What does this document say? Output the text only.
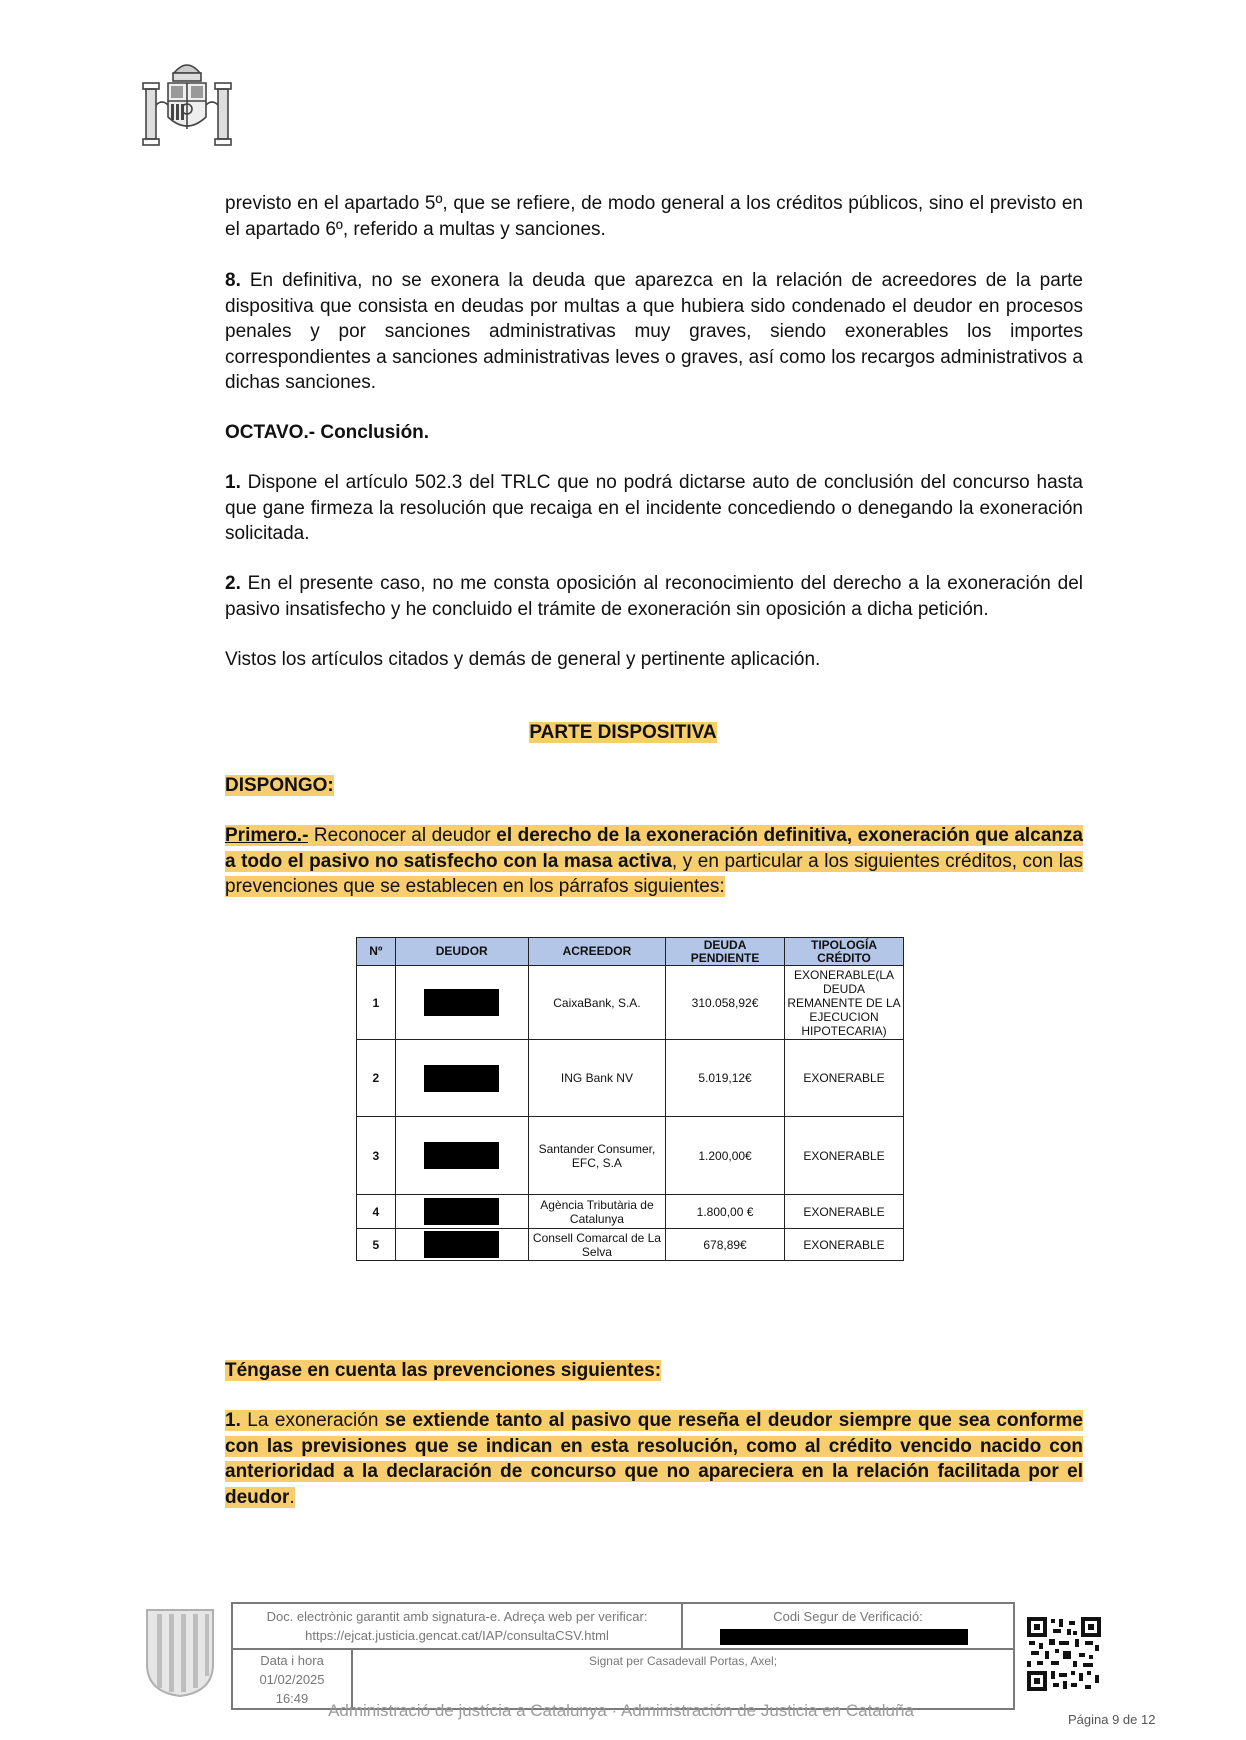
previsto en el apartado 5º, que se refiere, de modo general a los créditos públicos, sino el previsto en el apartado 6º, referido a multas y sanciones.

8. En definitiva, no se exonera la deuda que aparezca en la relación de acreedores de la parte dispositiva que consista en deudas por multas a que hubiera sido condenado el deudor en procesos penales y por sanciones administrativas muy graves, siendo exonerables los importes correspondientes a sanciones administrativas leves o graves, así como los recargos administrativos a dichas sanciones.

OCTAVO.- Conclusión.

1. Dispone el artículo 502.3 del TRLC que no podrá dictarse auto de conclusión del concurso hasta que gane firmeza la resolución que recaiga en el incidente concediendo o denegando la exoneración solicitada.

2. En el presente caso, no me consta oposición al reconocimiento del derecho a la exoneración del pasivo insatisfecho y he concluido el trámite de exoneración sin oposición a dicha petición.

Vistos los artículos citados y demás de general y pertinente aplicación.

PARTE DISPOSITIVA

DISPONGO:

Primero.- Reconocer al deudor el derecho de la exoneración definitiva, exoneración que alcanza a todo el pasivo no satisfecho con la masa activa, y en particular a los siguientes créditos, con las prevenciones que se establecen en los párrafos siguientes:

Nº	DEUDOR	ACREEDOR	DEUDA PENDIENTE	TIPOLOGÍA CRÉDITO
1		CaixaBank, S.A.	310.058,92€	EXONERABLE(LA DEUDA REMANENTE DE LA EJECUCION HIPOTECARIA)
2		ING Bank NV	5.019,12€	EXONERABLE
3		Santander Consumer, EFC, S.A	1.200,00€	EXONERABLE
4		Agència Tributària de Catalunya	1.800,00 €	EXONERABLE
5		Consell Comarcal de La Selva	678,89€	EXONERABLE

Téngase en cuenta las prevenciones siguientes:

1. La exoneración se extiende tanto al pasivo que reseña el deudor siempre que sea conforme con las previsiones que se indican en esta resolución, como al crédito vencido nacido con anterioridad a la declaración de concurso que no apareciera en la relación facilitada por el deudor.

Doc. electrònic garantit amb signatura-e. Adreça web per verificar:
https://ejcat.justicia.gencat.cat/IAP/consultaCSV.html
Codi Segur de Verificació:
Data i hora
01/02/2025
16:49
Signat per Casadevall Portas, Axel;
Administració de justícia a Catalunya · Administración de Justicia en Cataluña	Página 9 de 12
